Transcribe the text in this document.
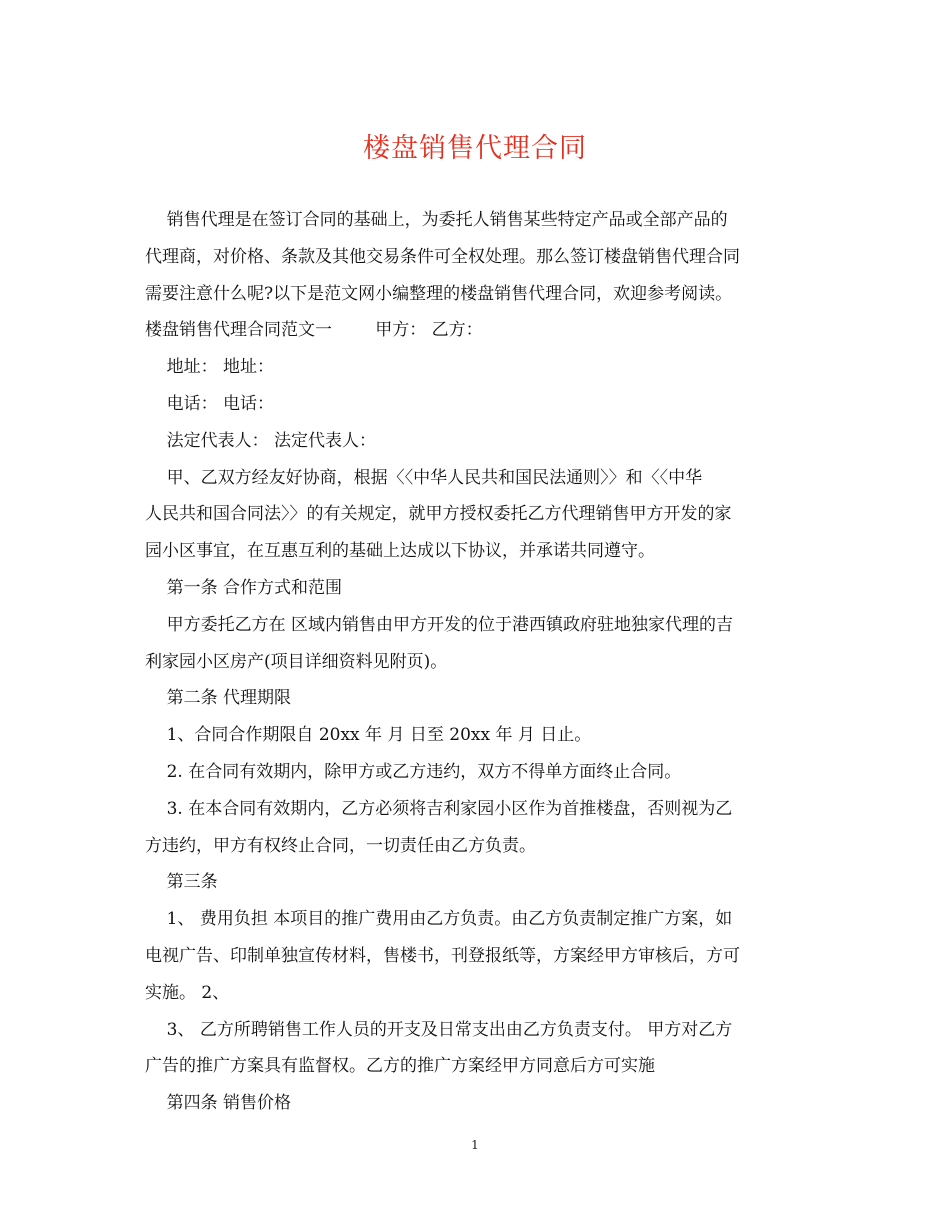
楼盘销售代理合同

销售代理是在签订合同的基础上，为委托人销售某些特定产品或全部产品的

代理商，对价格、条款及其他交易条件可全权处理。那么签订楼盘销售代理合同

需要注意什么呢?以下是范文网小编整理的楼盘销售代理合同，欢迎参考阅读。

楼盘销售代理合同范文一        甲方： 乙方：

地址： 地址：

电话： 电话：

法定代表人： 法定代表人：

甲、乙双方经友好协商，根据〈〈中华人民共和国民法通则〉〉和〈〈中华

人民共和国合同法〉〉的有关规定，就甲方授权委托乙方代理销售甲方开发的家

园小区事宜，在互惠互利的基础上达成以下协议，并承诺共同遵守。

第一条 合作方式和范围

甲方委托乙方在 区域内销售由甲方开发的位于港西镇政府驻地独家代理的吉

利家园小区房产(项目详细资料见附页)。

第二条 代理期限

1、合同合作期限自 20xx 年 月 日至 20xx 年 月 日止。

2. 在合同有效期内，除甲方或乙方违约，双方不得单方面终止合同。

3. 在本合同有效期内，乙方必须将吉利家园小区作为首推楼盘，否则视为乙

方违约，甲方有权终止合同，一切责任由乙方负责。

第三条

1、 费用负担 本项目的推广费用由乙方负责。由乙方负责制定推广方案，如

电视广告、印制单独宣传材料，售楼书，刊登报纸等，方案经甲方审核后，方可

实施。 2、

3、 乙方所聘销售工作人员的开支及日常支出由乙方负责支付。 甲方对乙方

广告的推广方案具有监督权。乙方的推广方案经甲方同意后方可实施

第四条 销售价格

1
